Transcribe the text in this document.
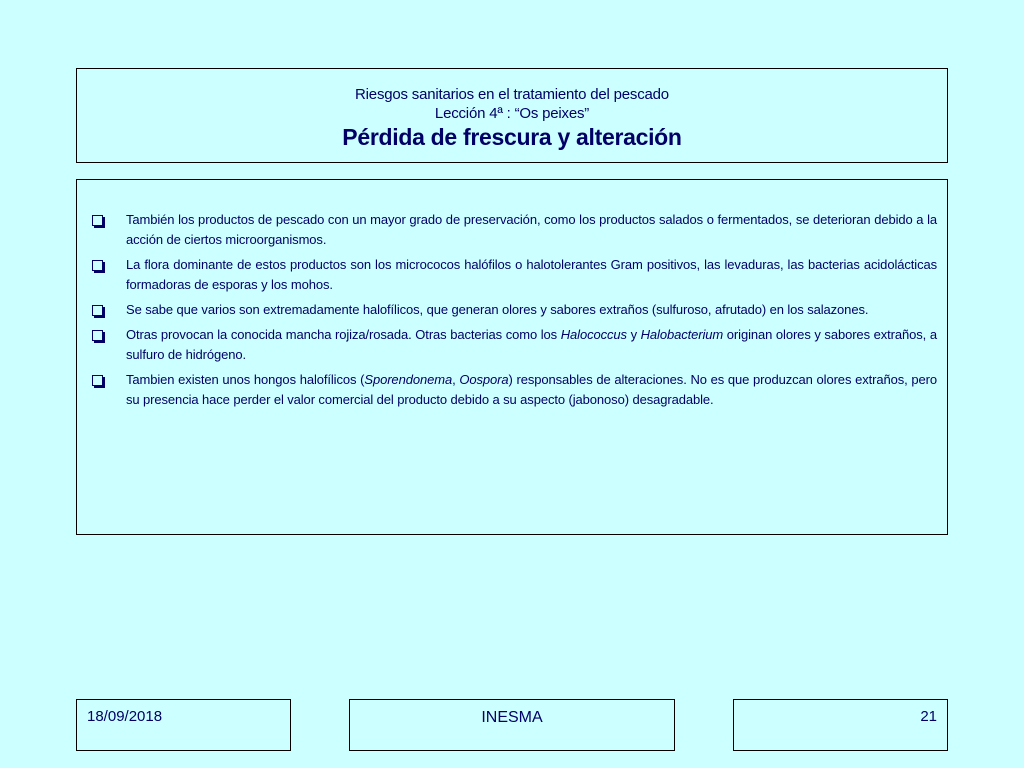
Riesgos sanitarios en el tratamiento del pescado
Lección 4ª : “Os peixes”
Pérdida de frescura y alteración
También los productos de pescado con un mayor grado de preservación, como los productos salados o fermentados, se deterioran debido a la acción de ciertos microorganismos.
La flora dominante de estos productos son los micrococos halófilos o halotolerantes Gram positivos, las levaduras, las bacterias acidolácticas formadoras de esporas y los mohos.
Se sabe que varios son extremadamente halofílicos, que generan olores y sabores extraños (sulfuroso, afrutado) en los salazones.
Otras provocan la conocida mancha rojiza/rosada. Otras bacterias como los Halococcus y Halobacterium originan olores y sabores extraños, a sulfuro de hidrógeno.
Tambien existen unos hongos halofílicos (Sporendonema, Oospora) responsables de alteraciones. No es que produzcan olores extraños, pero su presencia hace perder el valor comercial del producto debido a su aspecto (jabonoso) desagradable.
18/09/2018	INESMA	21
